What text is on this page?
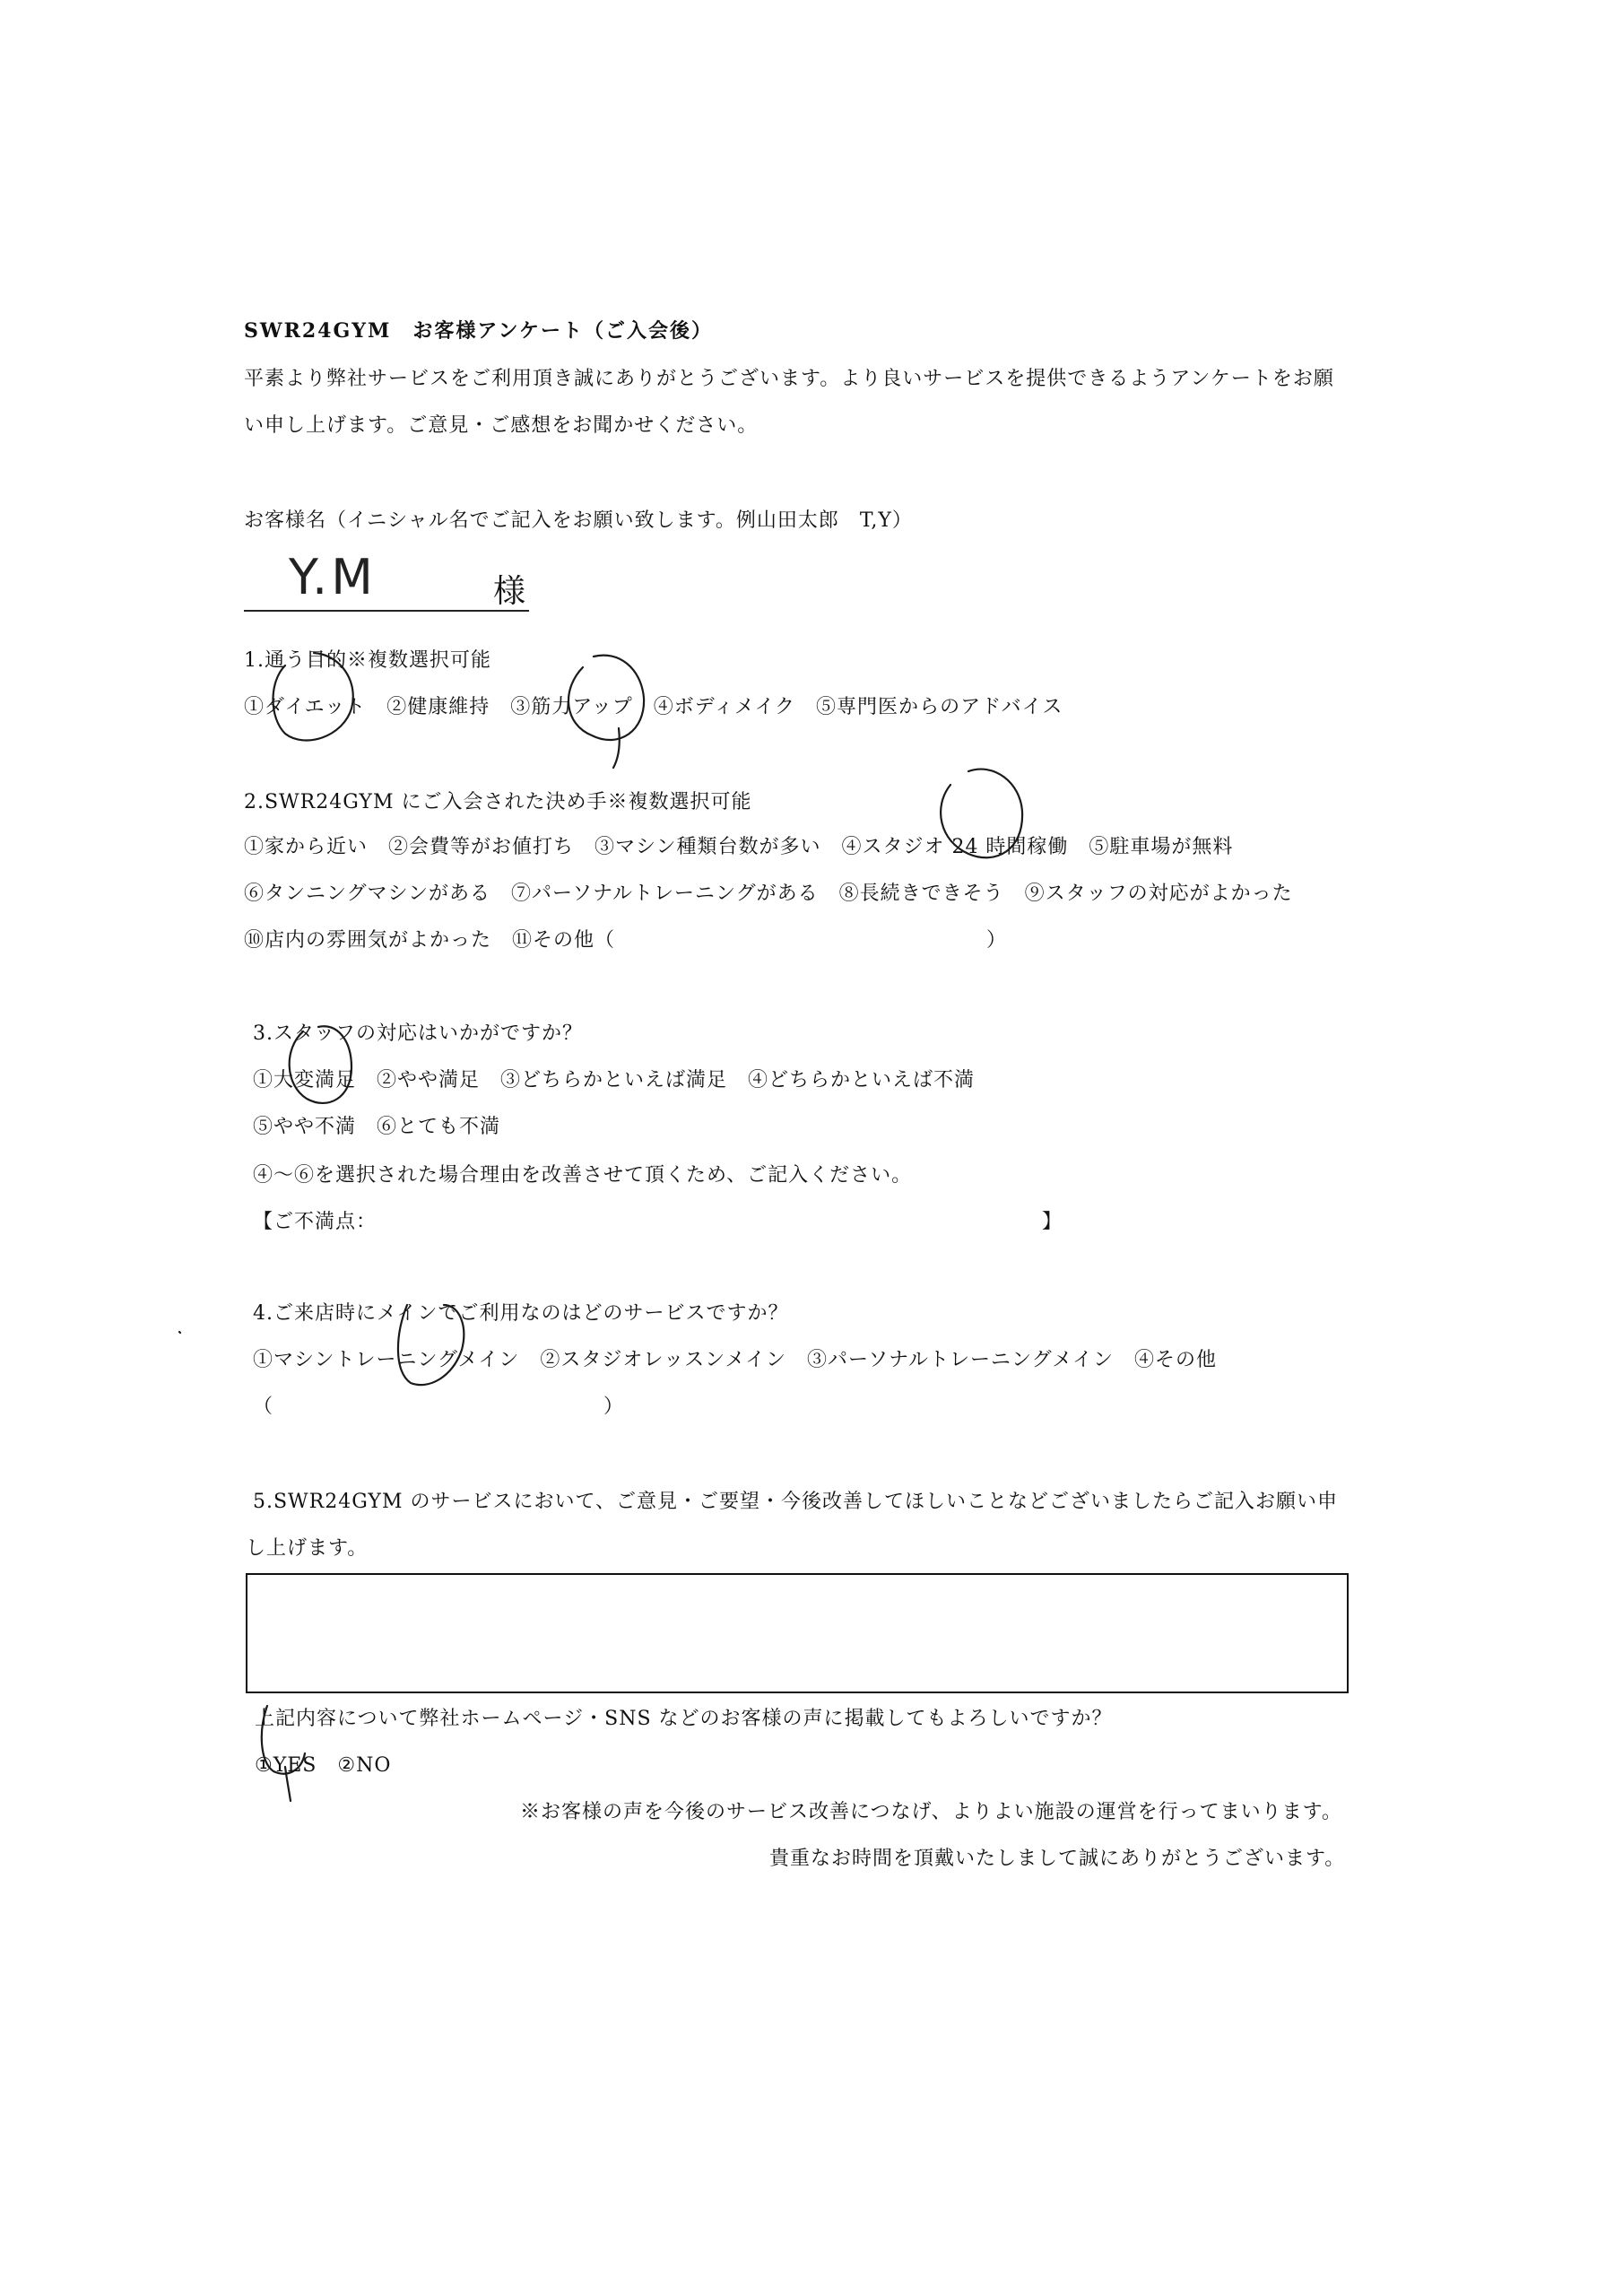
SWR24GYM　お客様アンケート（ご入会後）
平素より弊社サービスをご利用頂き誠にありがとうございます。より良いサービスを提供できるようアンケートをお願
い申し上げます。ご意見・ご感想をお聞かせください。
お客様名（イニシャル名でご記入をお願い致します。例山田太郎　T,Y）
Y.M	様
1.通う目的※複数選択可能
①ダイエット　②健康維持　③筋力アップ　④ボディメイク　⑤専門医からのアドバイス
2.SWR24GYM にご入会された決め手※複数選択可能
①家から近い　②会費等がお値打ち　③マシン種類台数が多い　④スタジオ 24 時間稼働　⑤駐車場が無料
⑥タンニングマシンがある　⑦パーソナルトレーニングがある　⑧長続きできそう　⑨スタッフの対応がよかった
⑩店内の雰囲気がよかった　⑪その他（　　　　　　　　　　　　　　　　　　）
3.スタッフの対応はいかがですか？
①大変満足　②やや満足　③どちらかといえば満足　④どちらかといえば不満
⑤やや不満　⑥とても不満
④～⑥を選択された場合理由を改善させて頂くため、ご記入ください。
【ご不満点：	】
4.ご来店時にメインでご利用なのはどのサービスですか？
①マシントレーニングメイン　②スタジオレッスンメイン　③パーソナルトレーニングメイン　④その他
（　　　　　　　　　　　　　　　　）
5.SWR24GYM のサービスにおいて、ご意見・ご要望・今後改善してほしいことなどございましたらご記入お願い申
し上げます。
上記内容について弊社ホームページ・SNS などのお客様の声に掲載してもよろしいですか？
①YES　②NO
※お客様の声を今後のサービス改善につなげ、よりよい施設の運営を行ってまいります。
貴重なお時間を頂戴いたしまして誠にありがとうございます。
